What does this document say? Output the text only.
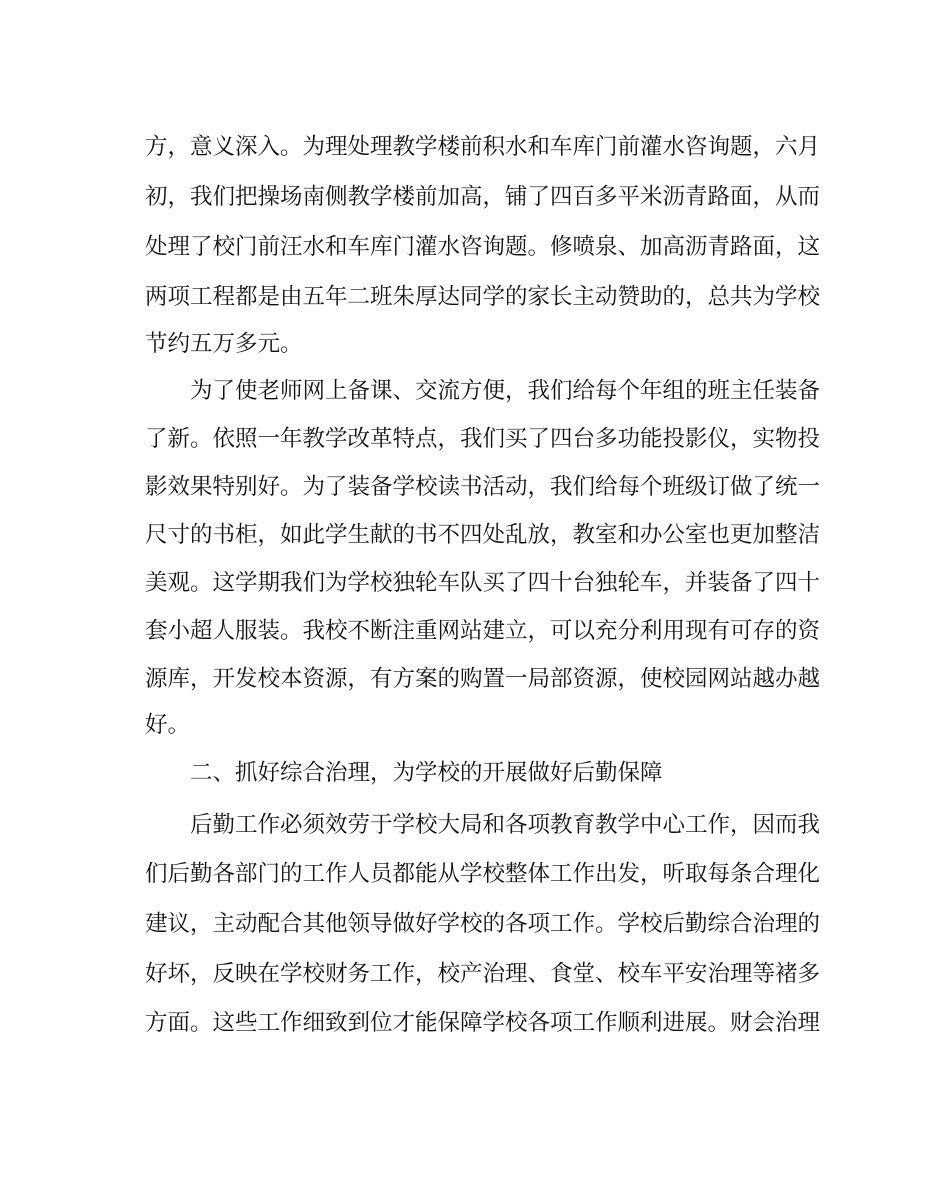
方，意义深入。为理处理教学楼前积水和车库门前灌水咨询题，六月
初，我们把操场南侧教学楼前加高，铺了四百多平米沥青路面，从而
处理了校门前汪水和车库门灌水咨询题。修喷泉、加高沥青路面，这
两项工程都是由五年二班朱厚达同学的家长主动赞助的，总共为学校
节约五万多元。
为了使老师网上备课、交流方便，我们给每个年组的班主任装备
了新。依照一年教学改革特点，我们买了四台多功能投影仪，实物投
影效果特别好。为了装备学校读书活动，我们给每个班级订做了统一
尺寸的书柜，如此学生献的书不四处乱放，教室和办公室也更加整洁
美观。这学期我们为学校独轮车队买了四十台独轮车，并装备了四十
套小超人服装。我校不断注重网站建立，可以充分利用现有可存的资
源库，开发校本资源，有方案的购置一局部资源，使校园网站越办越
好。
二、抓好综合治理，为学校的开展做好后勤保障
后勤工作必须效劳于学校大局和各项教育教学中心工作，因而我
们后勤各部门的工作人员都能从学校整体工作出发，听取每条合理化
建议，主动配合其他领导做好学校的各项工作。学校后勤综合治理的
好坏，反映在学校财务工作，校产治理、食堂、校车平安治理等褚多
方面。这些工作细致到位才能保障学校各项工作顺利进展。财会治理
